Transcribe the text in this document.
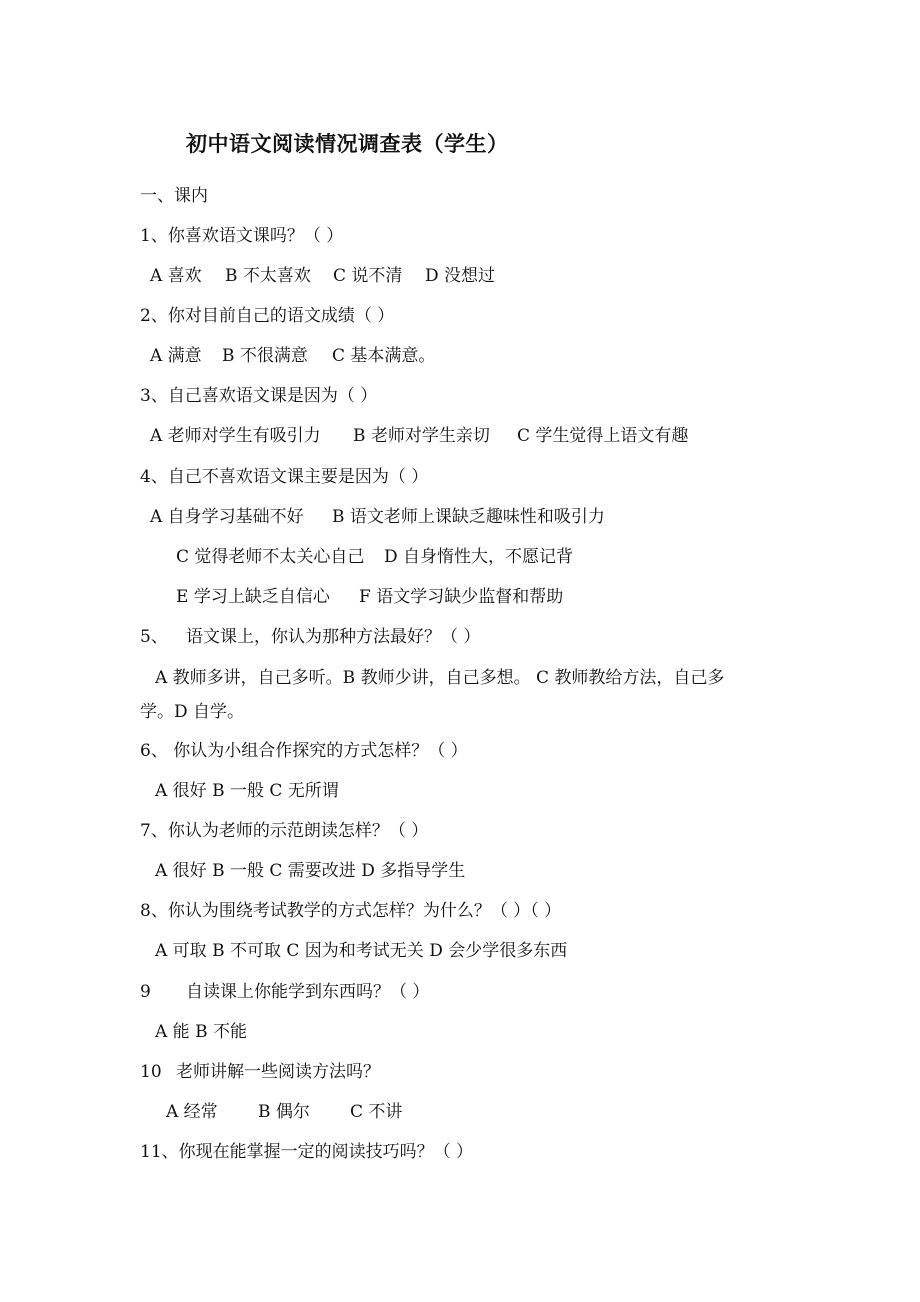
初中语文阅读情况调查表（学生）
一、课内
1、你喜欢语文课吗？（ ）
A 喜欢	B 不太喜欢	C 说不清	D 没想过
2、你对目前自己的语文成绩（ ）
A 满意	B 不很满意	C 基本满意。
3、自己喜欢语文课是因为（ ）
A 老师对学生有吸引力	B 老师对学生亲切	C 学生觉得上语文有趣
4、自己不喜欢语文课主要是因为（ ）
A 自身学习基础不好	B 语文老师上课缺乏趣味性和吸引力
C 觉得老师不太关心自己	D 自身惰性大，不愿记背
E 学习上缺乏自信心	F 语文学习缺少监督和帮助
5、 语文课上，你认为那种方法最好？（ ）
A 教师多讲，自己多听。B 教师少讲，自己多想。 C 教师教给方法，自己多
学。D 自学。
6、 你认为小组合作探究的方式怎样？（ ）
A 很好 B 一般 C 无所谓
7、你认为老师的示范朗读怎样？（ ）
A 很好 B 一般 C 需要改进 D 多指导学生
8、你认为围绕考试教学的方式怎样？为什么？（ ）（ ）
A 可取 B 不可取 C 因为和考试无关 D 会少学很多东西
9 自读课上你能学到东西吗？（ ）
A 能 B 不能
10 老师讲解一些阅读方法吗？
A 经常	B 偶尔	C 不讲
11、你现在能掌握一定的阅读技巧吗？（ ）
